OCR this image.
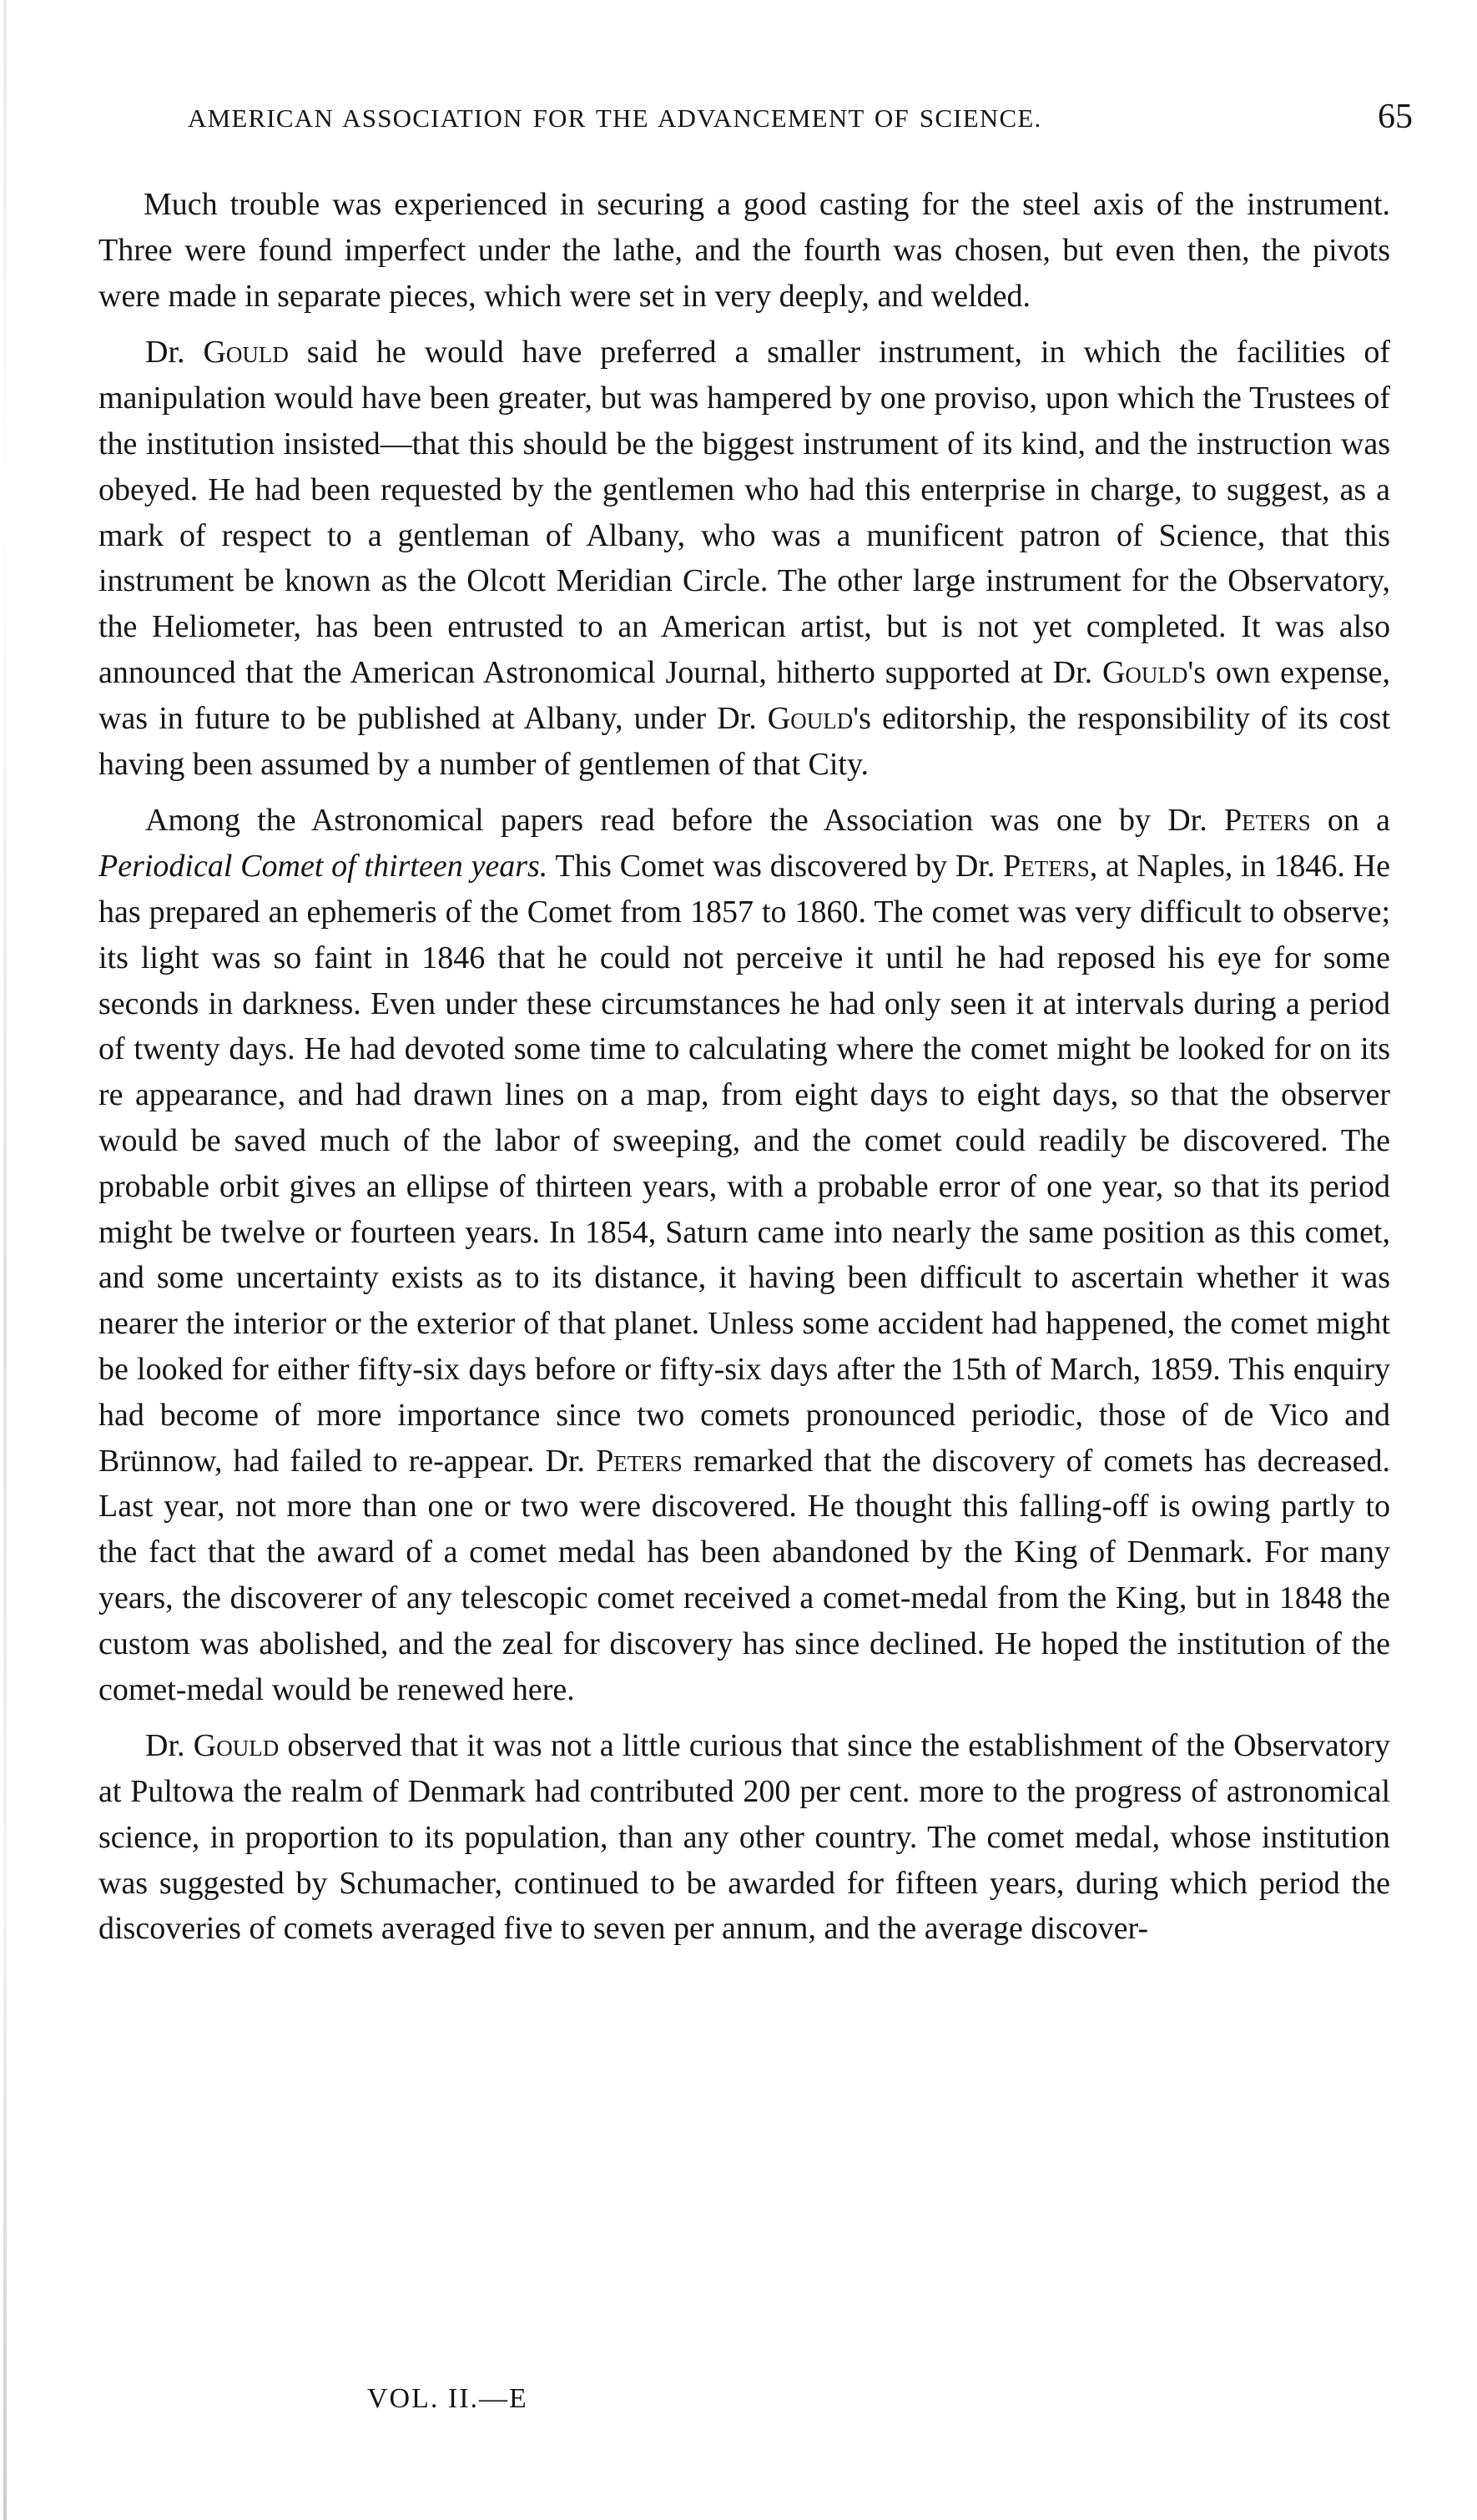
AMERICAN ASSOCIATION FOR THE ADVANCEMENT OF SCIENCE.	65

Much trouble was experienced in securing a good casting for the steel axis of the instrument. Three were found imperfect under the lathe, and the fourth was chosen, but even then, the pivots were made in separate pieces, which were set in very deeply, and welded.

Dr. Gould said he would have preferred a smaller instrument, in which the facilities of manipulation would have been greater, but was hampered by one proviso, upon which the Trustees of the institution insisted—that this should be the biggest instrument of its kind, and the instruction was obeyed. He had been requested by the gentlemen who had this enterprise in charge, to suggest, as a mark of respect to a gentleman of Albany, who was a munificent patron of Science, that this instrument be known as the Olcott Meridian Circle. The other large instrument for the Observatory, the Heliometer, has been entrusted to an American artist, but is not yet completed. It was also announced that the American Astronomical Journal, hitherto supported at Dr. Gould's own expense, was in future to be published at Albany, under Dr. Gould's editorship, the responsibility of its cost having been assumed by a number of gentlemen of that City.

Among the Astronomical papers read before the Association was one by Dr. Peters on a Periodical Comet of thirteen years. This Comet was discovered by Dr. Peters, at Naples, in 1846. He has prepared an ephemeris of the Comet from 1857 to 1860. The comet was very difficult to observe; its light was so faint in 1846 that he could not perceive it until he had reposed his eye for some seconds in darkness. Even under these circumstances he had only seen it at intervals during a period of twenty days. He had devoted some time to calculating where the comet might be looked for on its re appearance, and had drawn lines on a map, from eight days to eight days, so that the observer would be saved much of the labor of sweeping, and the comet could readily be discovered. The probable orbit gives an ellipse of thirteen years, with a probable error of one year, so that its period might be twelve or fourteen years. In 1854, Saturn came into nearly the same position as this comet, and some uncertainty exists as to its distance, it having been difficult to ascertain whether it was nearer the interior or the exterior of that planet. Unless some accident had happened, the comet might be looked for either fifty-six days before or fifty-six days after the 15th of March, 1859. This enquiry had become of more importance since two comets pronounced periodic, those of de Vico and Brünnow, had failed to re-appear. Dr. Peters remarked that the discovery of comets has decreased. Last year, not more than one or two were discovered. He thought this falling-off is owing partly to the fact that the award of a comet medal has been abandoned by the King of Denmark. For many years, the discoverer of any telescopic comet received a comet-medal from the King, but in 1848 the custom was abolished, and the zeal for discovery has since declined. He hoped the institution of the comet-medal would be renewed here.

Dr. Gould observed that it was not a little curious that since the establishment of the Observatory at Pultowa the realm of Denmark had contributed 200 per cent. more to the progress of astronomical science, in proportion to its population, than any other country. The comet medal, whose institution was suggested by Schumacher, continued to be awarded for fifteen years, during which period the discoveries of comets averaged five to seven per annum, and the average discover-

VOL. II.—E
